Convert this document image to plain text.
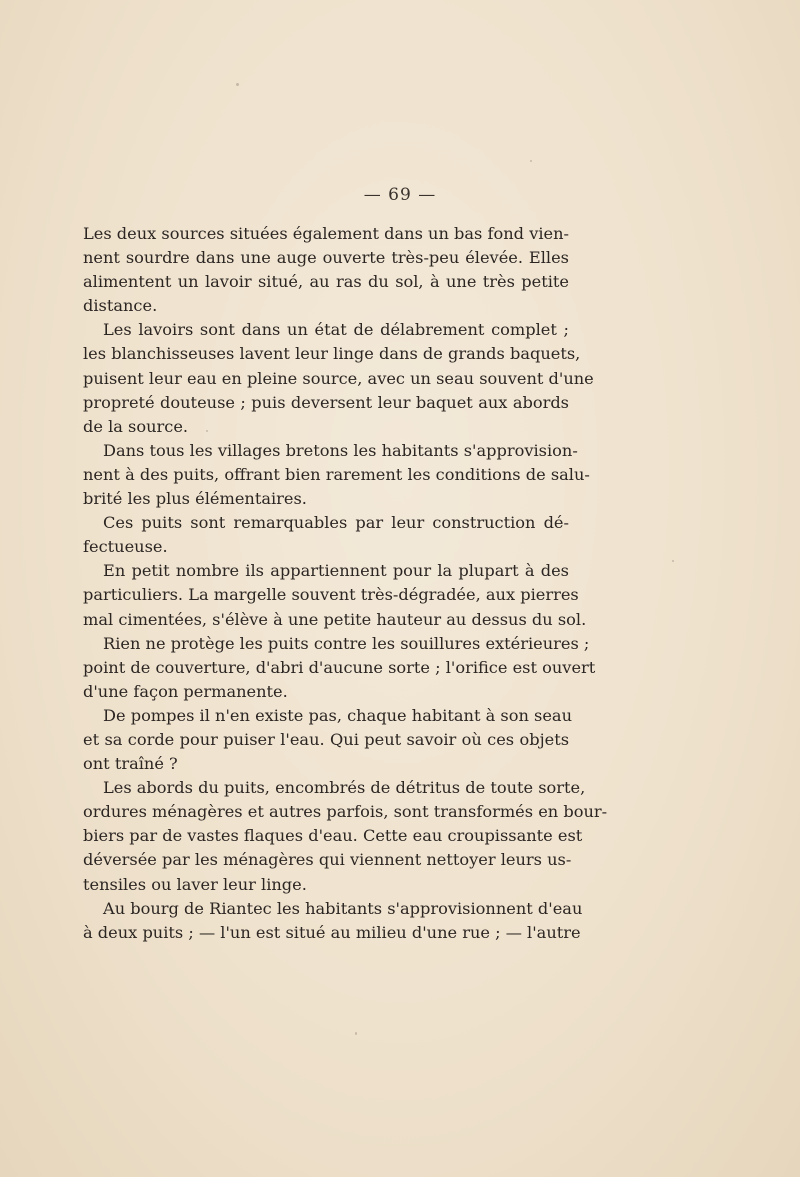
— 69 —
Les deux sources situées également dans un bas fond vien-
nent sourdre dans une auge ouverte très-peu élevée. Elles
alimentent un lavoir situé, au ras du sol, à une très petite
distance.
Les lavoirs sont dans un état de délabrement complet ;
les blanchisseuses lavent leur linge dans de grands baquets,
puisent leur eau en pleine source, avec un seau souvent d'une
propreté douteuse ; puis deversent leur baquet aux abords
de la source.
Dans tous les villages bretons les habitants s'approvision-
nent à des puits, offrant bien rarement les conditions de salu-
brité les plus élémentaires.
Ces puits sont remarquables par leur construction dé-
fectueuse.
En petit nombre ils appartiennent pour la plupart à des
particuliers. La margelle souvent très-dégradée, aux pierres
mal cimentées, s'élève à une petite hauteur au dessus du sol.
Rien ne protège les puits contre les souillures extérieures ;
point de couverture, d'abri d'aucune sorte ; l'orifice est ouvert
d'une façon permanente.
De pompes il n'en existe pas, chaque habitant à son seau
et sa corde pour puiser l'eau. Qui peut savoir où ces objets
ont traîné ?
Les abords du puits, encombrés de détritus de toute sorte,
ordures ménagères et autres parfois, sont transformés en bour-
biers par de vastes flaques d'eau. Cette eau croupissante est
déversée par les ménagères qui viennent nettoyer leurs us-
tensiles ou laver leur linge.
Au bourg de Riantec les habitants s'approvisionnent d'eau
à deux puits ; — l'un est situé au milieu d'une rue ; — l'autre
